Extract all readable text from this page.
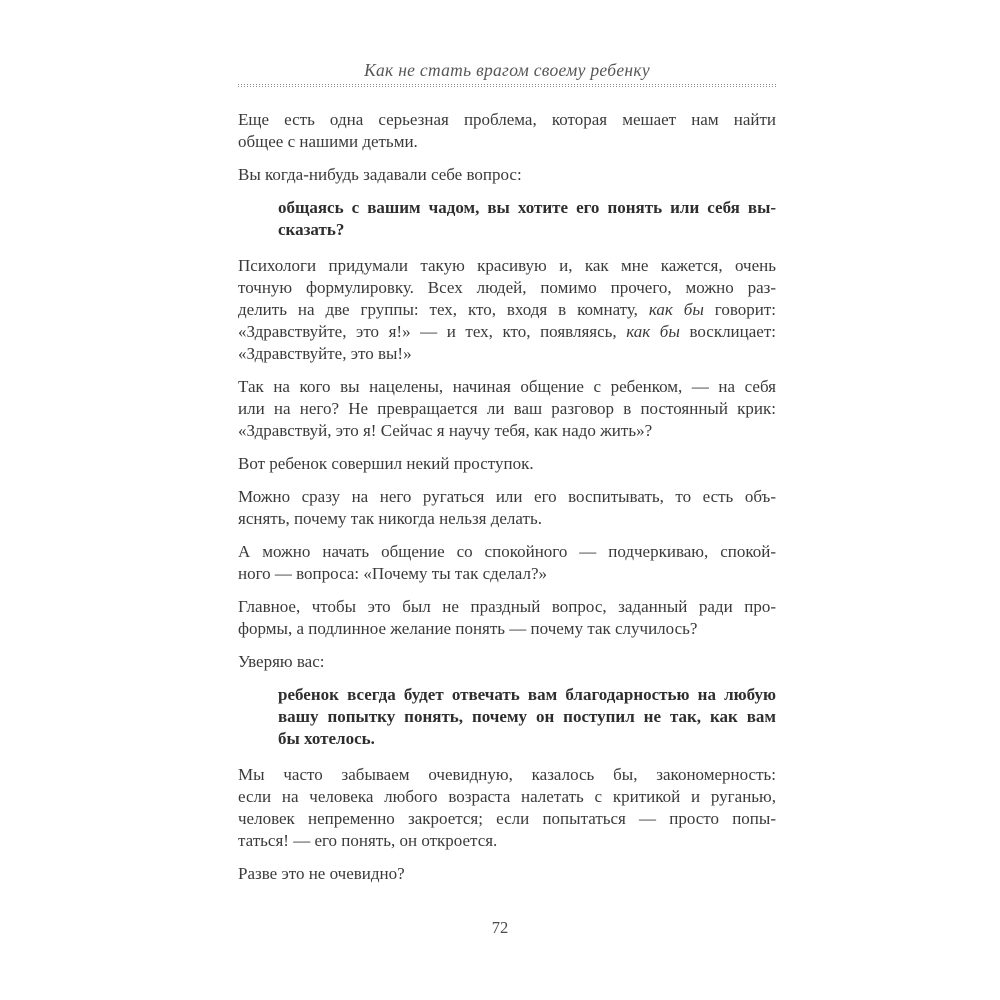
Как не стать врагом своему ребенку
Еще есть одна серьезная проблема, которая мешает нам найти
общее с нашими детьми.
Вы когда-нибудь задавали себе вопрос:
общаясь с вашим чадом, вы хотите его понять или себя вы-
сказать?
Психологи придумали такую красивую и, как мне кажется, очень
точную формулировку. Всех людей, помимо прочего, можно раз-
делить на две группы: тех, кто, входя в комнату, как бы говорит:
«Здравствуйте, это я!» — и тех, кто, появляясь, как бы восклицает:
«Здравствуйте, это вы!»
Так на кого вы нацелены, начиная общение с ребенком, — на себя
или на него? Не превращается ли ваш разговор в постоянный крик:
«Здравствуй, это я! Сейчас я научу тебя, как надо жить»?
Вот ребенок совершил некий проступок.
Можно сразу на него ругаться или его воспитывать, то есть объ-
яснять, почему так никогда нельзя делать.
А можно начать общение со спокойного — подчеркиваю, спокой-
ного — вопроса: «Почему ты так сделал?»
Главное, чтобы это был не праздный вопрос, заданный ради про-
формы, а подлинное желание понять — почему так случилось?
Уверяю вас:
ребенок всегда будет отвечать вам благодарностью на любую
вашу попытку понять, почему он поступил не так, как вам
бы хотелось.
Мы часто забываем очевидную, казалось бы, закономерность:
если на человека любого возраста налетать с критикой и руганью,
человек непременно закроется; если попытаться — просто попы-
таться! — его понять, он откроется.
Разве это не очевидно?
72
